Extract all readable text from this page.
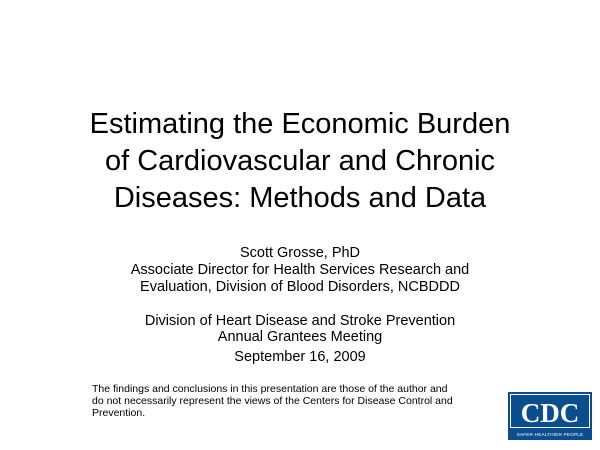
Estimating the Economic Burden
of Cardiovascular and Chronic
Diseases: Methods and Data
Scott Grosse, PhD
Associate Director for Health Services Research and
Evaluation, Division of Blood Disorders, NCBDDD
Division of Heart Disease and Stroke Prevention
Annual Grantees Meeting
September 16, 2009
The findings and conclusions in this presentation are those of the author and
do not necessarily represent the views of the Centers for Disease Control and
Prevention.	CDC
SAFER·HEALTHIER·PEOPLE
